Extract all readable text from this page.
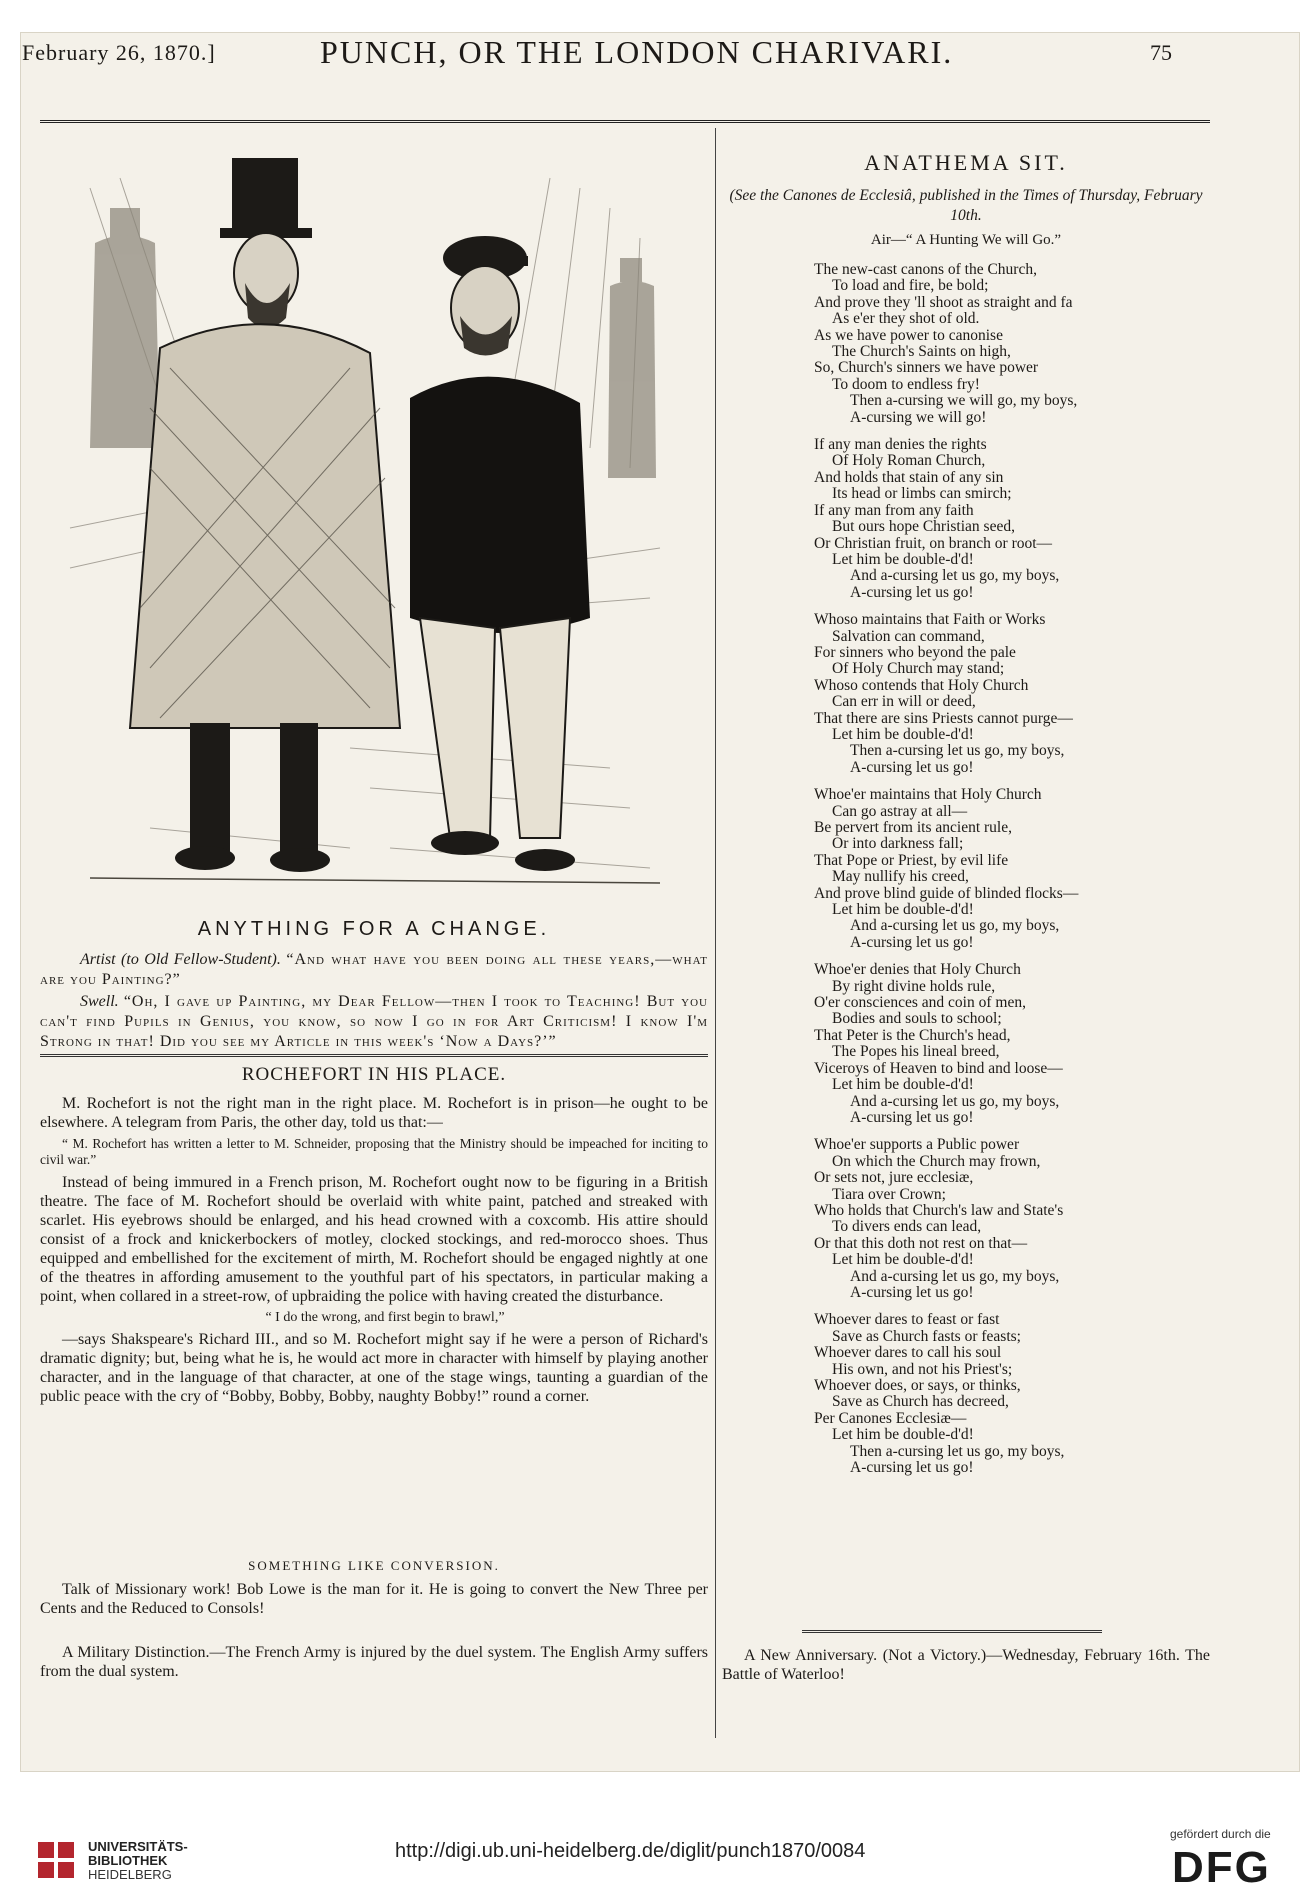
February 26, 1870.]	PUNCH, OR THE LONDON CHARIVARI.	75
ANYTHING FOR A CHANGE.

Artist (to Old Fellow-Student). “And what have you been doing all these years,—what are you Painting?”

Swell. “Oh, I gave up Painting, my Dear Fellow—then I took to Teaching! But you can't find Pupils in Genius, you know, so now I go in for Art Criticism! I know I'm Strong in that! Did you see my Article in this week's ‘Now a Days?’”

ROCHEFORT IN HIS PLACE.

M. Rochefort is not the right man in the right place. M. Rochefort is in prison—he ought to be elsewhere. A telegram from Paris, the other day, told us that:—

“ M. Rochefort has written a letter to M. Schneider, proposing that the Ministry should be impeached for inciting to civil war.”

Instead of being immured in a French prison, M. Rochefort ought now to be figuring in a British theatre. The face of M. Rochefort should be overlaid with white paint, patched and streaked with scarlet. His eyebrows should be enlarged, and his head crowned with a coxcomb. His attire should consist of a frock and knickerbockers of motley, clocked stockings, and red-morocco shoes. Thus equipped and embellished for the excitement of mirth, M. Rochefort should be engaged nightly at one of the theatres in affording amusement to the youthful part of his spectators, in particular making a point, when collared in a street-row, of upbraiding the police with having created the disturbance.

“ I do the wrong, and first begin to brawl,”

—says Shakspeare's Richard III., and so M. Rochefort might say if he were a person of Richard's dramatic dignity; but, being what he is, he would act more in character with himself by playing another character, and in the language of that character, at one of the stage wings, taunting a guardian of the public peace with the cry of “Bobby, Bobby, Bobby, naughty Bobby!” round a corner.

SOMETHING LIKE CONVERSION.

Talk of Missionary work! Bob Lowe is the man for it. He is going to convert the New Three per Cents and the Reduced to Consols!

A Military Distinction.—The French Army is injured by the duel system. The English Army suffers from the dual system.

ANATHEMA SIT.
(See the Canones de Ecclesiâ, published in the Times of Thursday, February 10th.
Air—“ A Hunting We will Go.”
The new-cast canons of the Church,
To load and fire, be bold;
And prove they 'll shoot as straight and fa
As e'er they shot of old.
As we have power to canonise
The Church's Saints on high,
So, Church's sinners we have power
To doom to endless fry!
Then a-cursing we will go, my boys,
A-cursing we will go!
If any man denies the rights
Of Holy Roman Church,
And holds that stain of any sin
Its head or limbs can smirch;
If any man from any faith
But ours hope Christian seed,
Or Christian fruit, on branch or root—
Let him be double-d'd!
And a-cursing let us go, my boys,
A-cursing let us go!
Whoso maintains that Faith or Works
Salvation can command,
For sinners who beyond the pale
Of Holy Church may stand;
Whoso contends that Holy Church
Can err in will or deed,
That there are sins Priests cannot purge—
Let him be double-d'd!
Then a-cursing let us go, my boys,
A-cursing let us go!
Whoe'er maintains that Holy Church
Can go astray at all—
Be pervert from its ancient rule,
Or into darkness fall;
That Pope or Priest, by evil life
May nullify his creed,
And prove blind guide of blinded flocks—
Let him be double-d'd!
And a-cursing let us go, my boys,
A-cursing let us go!
Whoe'er denies that Holy Church
By right divine holds rule,
O'er consciences and coin of men,
Bodies and souls to school;
That Peter is the Church's head,
The Popes his lineal breed,
Viceroys of Heaven to bind and loose—
Let him be double-d'd!
And a-cursing let us go, my boys,
A-cursing let us go!
Whoe'er supports a Public power
On which the Church may frown,
Or sets not, jure ecclesiæ,
Tiara over Crown;
Who holds that Church's law and State's
To divers ends can lead,
Or that this doth not rest on that—
Let him be double-d'd!
And a-cursing let us go, my boys,
A-cursing let us go!
Whoever dares to feast or fast
Save as Church fasts or feasts;
Whoever dares to call his soul
His own, and not his Priest's;
Whoever does, or says, or thinks,
Save as Church has decreed,
Per Canones Ecclesiæ—
Let him be double-d'd!
Then a-cursing let us go, my boys,
A-cursing let us go!

A New Anniversary. (Not a Victory.)—Wednesday, February 16th. The Battle of Waterloo!

UNIVERSITÄTS-
BIBLIOTHEK
HEIDELBERG
http://digi.ub.uni-heidelberg.de/diglit/punch1870/0084
gefördert durch die
DFG
